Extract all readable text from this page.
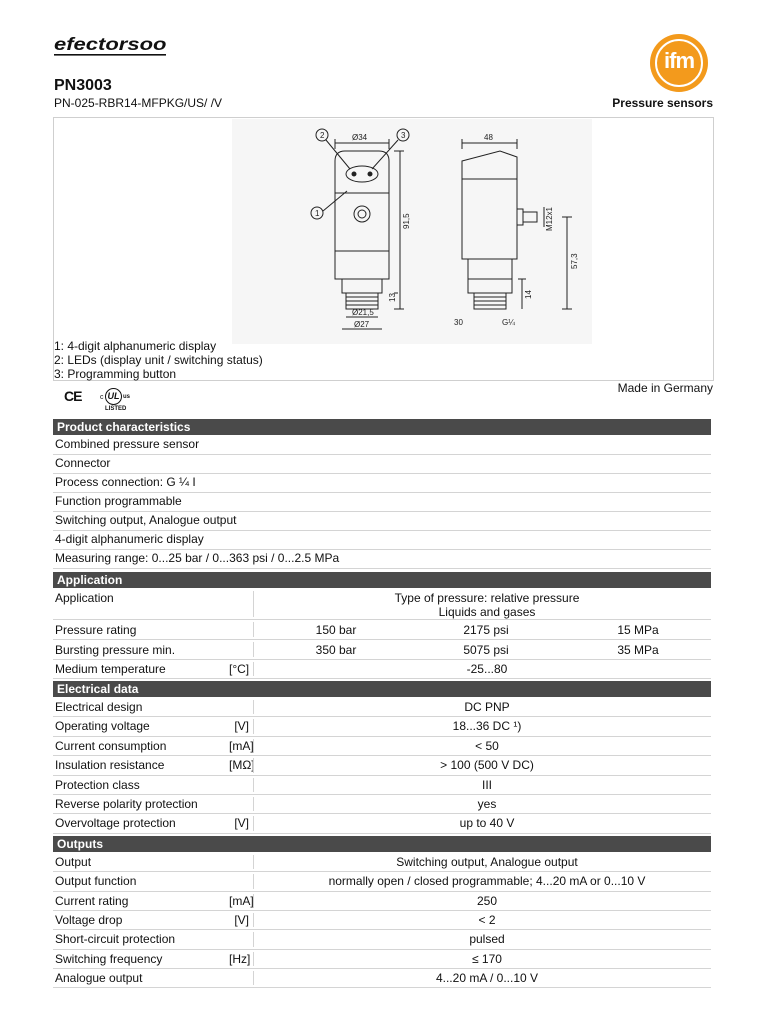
efectorsoo
ifm
PN3003
PN-025-RBR14-MFPKG/US/ /V	Pressure sensors
Ø34
2	3
1	91,5
13
Ø21,5
Ø27
48
M12x1
57,3
14
30	G¼
1: 4-digit alphanumeric display
2: LEDs (display unit / switching status)
3: Programming button
Made in Germany
CE	c UL us
LISTED
Product characteristics
Combined pressure sensor
Connector
Process connection: G ¼ I
Function programmable
Switching output, Analogue output
4-digit alphanumeric display
Measuring range: 0...25 bar / 0...363 psi / 0...2.5 MPa
Application
Application	Type of pressure: relative pressure
Liquids and gases
Pressure rating	150 bar	2175 psi	15 MPa
Bursting pressure min.	350 bar	5075 psi	35 MPa
Medium temperature	[°C]	-25...80
Electrical data
Electrical design	DC PNP
Operating voltage	[V]	18...36 DC ¹)
Current consumption	[mA]	< 50
Insulation resistance	[MΩ]	> 100 (500 V DC)
Protection class	III
Reverse polarity protection	yes
Overvoltage protection	[V]	up to 40 V
Outputs
Output	Switching output, Analogue output
Output function	normally open / closed programmable; 4...20 mA or 0...10 V
Current rating	[mA]	250
Voltage drop	[V]	< 2
Short-circuit protection	pulsed
Switching frequency	[Hz]	≤ 170
Analogue output	4...20 mA / 0...10 V
